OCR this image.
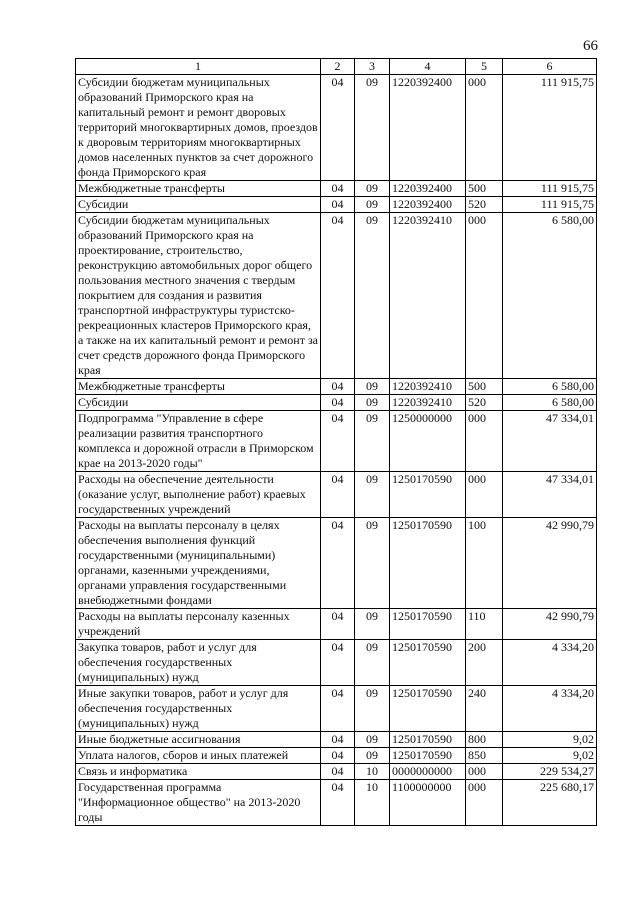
66
1	2	3	4	5	6
Субсидии бюджетам муниципальных образований Приморского края на капитальный ремонт и ремонт дворовых территорий многоквартирных домов, проездов к дворовым территориям многоквартирных домов населенных пунктов за счет дорожного фонда Приморского края	04	09	1220392400	000	111 915,75
Межбюджетные трансферты	04	09	1220392400	500	111 915,75
Субсидии	04	09	1220392400	520	111 915,75
Субсидии бюджетам муниципальных образований Приморского края на проектирование, строительство, реконструкцию автомобильных дорог общего пользования местного значения с твердым покрытием для создания и развития транспортной инфраструктуры туристско-рекреационных кластеров Приморского края, а также на их капитальный ремонт и ремонт за счет средств дорожного фонда Приморского края	04	09	1220392410	000	6 580,00
Межбюджетные трансферты	04	09	1220392410	500	6 580,00
Субсидии	04	09	1220392410	520	6 580,00
Подпрограмма "Управление в сфере реализации развития транспортного комплекса и дорожной отрасли в Приморском крае на 2013-2020 годы"	04	09	1250000000	000	47 334,01
Расходы на обеспечение деятельности (оказание услуг, выполнение работ) краевых государственных учреждений	04	09	1250170590	000	47 334,01
Расходы на выплаты персоналу в целях обеспечения выполнения функций государственными (муниципальными) органами, казенными учреждениями, органами управления государственными внебюджетными фондами	04	09	1250170590	100	42 990,79
Расходы на выплаты персоналу казенных учреждений	04	09	1250170590	110	42 990,79
Закупка товаров, работ и услуг для обеспечения государственных (муниципальных) нужд	04	09	1250170590	200	4 334,20
Иные закупки товаров, работ и услуг для обеспечения государственных (муниципальных) нужд	04	09	1250170590	240	4 334,20
Иные бюджетные ассигнования	04	09	1250170590	800	9,02
Уплата налогов, сборов и иных платежей	04	09	1250170590	850	9,02
Связь и информатика	04	10	0000000000	000	229 534,27
Государственная программа "Информационное общество" на 2013-2020 годы	04	10	1100000000	000	225 680,17
